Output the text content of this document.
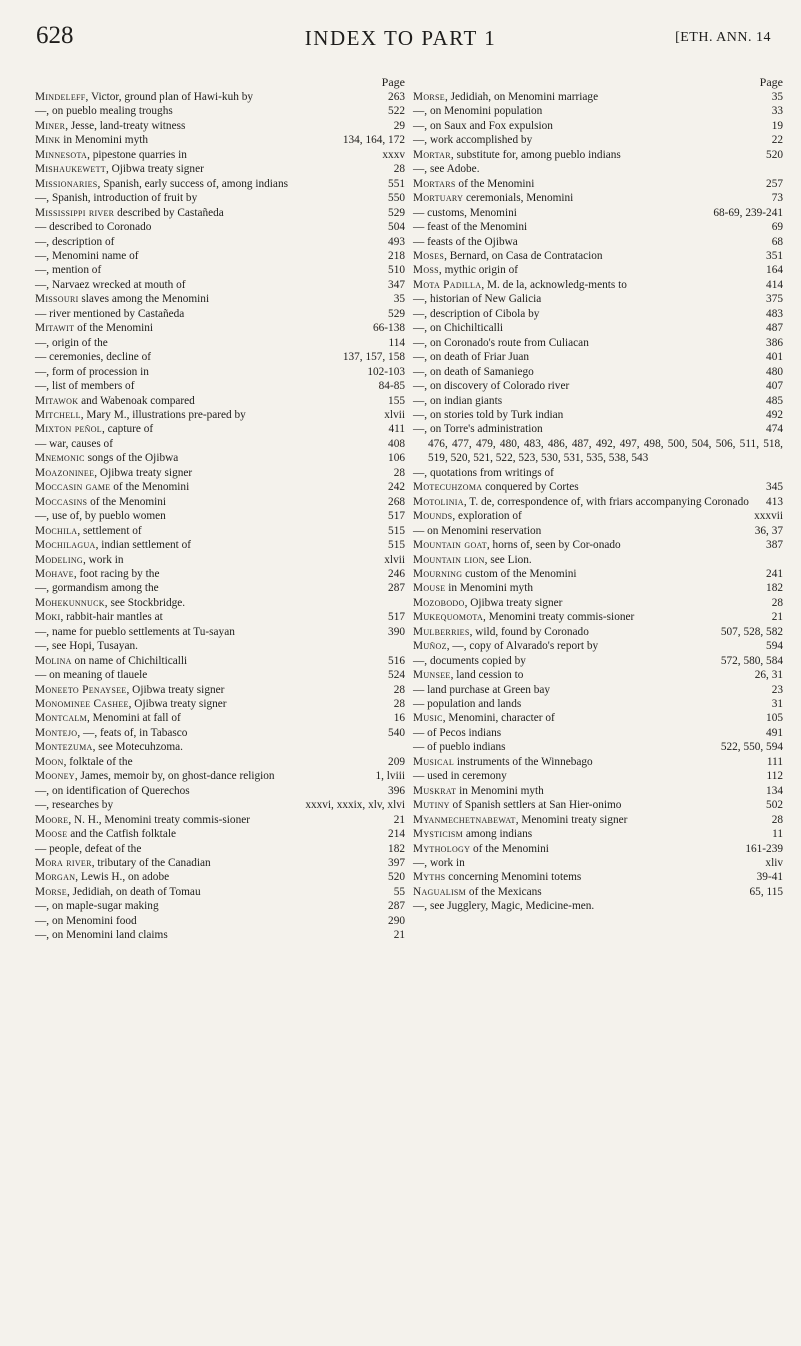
628	INDEX TO PART 1	[ETH. ANN. 14
Page
263
Mindeleff, Victor, ground plan of Hawi-kuh by
522
—, on pueblo mealing troughs
29
Miner, Jesse, land-treaty witness
134, 164, 172
Mink in Menomini myth
xxxv
Minnesota, pipestone quarries in
28
Mishaukewett, Ojibwa treaty signer
551
Missionaries, Spanish, early success of, among indians
550
—, Spanish, introduction of fruit by
529
Mississippi river described by Castañeda
504
— described to Coronado
493
—, description of
218
—, Menomini name of
510
—, mention of
347
—, Narvaez wrecked at mouth of
35
Missouri slaves among the Menomini
529
— river mentioned by Castañeda
66-138
Mitawit of the Menomini
114
—, origin of the
137, 157, 158
— ceremonies, decline of
102-103
—, form of procession in
84-85
—, list of members of
155
Mitawok and Wabenoak compared
xlvii
Mitchell, Mary M., illustrations pre-pared by
411
Mixton peñol, capture of
408
— war, causes of
106
Mnemonic songs of the Ojibwa
28
Moazoninee, Ojibwa treaty signer
242
Moccasin game of the Menomini
268
Moccasins of the Menomini
517
—, use of, by pueblo women
515
Mochila, settlement of
515
Mochilagua, indian settlement of
xlvii
Modeling, work in
246
Mohave, foot racing by the
287
—, gormandism among the
Mohekunnuck, see Stockbridge.
517
Moki, rabbit-hair mantles at
390
—, name for pueblo settlements at Tu-sayan
—, see Hopi, Tusayan.
516
Molina on name of Chichilticalli
524
— on meaning of tlauele
28
Moneeto Penaysee, Ojibwa treaty signer
28
Monominee Cashee, Ojibwa treaty signer
16
Montcalm, Menomini at fall of
540
Montejo, —, feats of, in Tabasco
Montezuma, see Motecuhzoma.
209
Moon, folktale of the
1, lviii
Mooney, James, memoir by, on ghost-dance religion
396
—, on identification of Querechos
xxxvi, xxxix, xlv, xlvi
—, researches by
21
Moore, N. H., Menomini treaty commis-sioner
214
Moose and the Catfish folktale
182
— people, defeat of the
397
Mora river, tributary of the Canadian
520
Morgan, Lewis H., on adobe
55
Morse, Jedidiah, on death of Tomau
287
—, on maple-sugar making
290
—, on Menomini food
21
—, on Menomini land claims
Page
35
Morse, Jedidiah, on Menomini marriage
33
—, on Menomini population
19
—, on Saux and Fox expulsion
22
—, work accomplished by
520
Mortar, substitute for, among pueblo indians
—, see Adobe.
257
Mortars of the Menomini
73
Mortuary ceremonials, Menomini
68-69, 239-241
— customs, Menomini
69
— feast of the Menomini
68
— feasts of the Ojibwa
351
Moses, Bernard, on Casa de Contratacion
164
Moss, mythic origin of
414
Mota Padilla, M. de la, acknowledg-ments to
375
—, historian of New Galicia
483
—, description of Cibola by
487
—, on Chichilticalli
386
—, on Coronado's route from Culiacan
401
—, on death of Friar Juan
480
—, on death of Samaniego
407
—, on discovery of Colorado river
485
—, on indian giants
492
—, on stories told by Turk indian
474
—, on Torre's administration
476, 477, 479, 480, 483, 486, 487, 492, 497, 498, 500, 504, 506, 511, 518, 519, 520, 521, 522, 523, 530, 531, 535, 538, 543
—, quotations from writings of
345
Motecuhzoma conquered by Cortes
413
Motolinia, T. de, correspondence of, with friars accompanying Coronado
xxxvii
Mounds, exploration of
36, 37
— on Menomini reservation
387
Mountain goat, horns of, seen by Cor-onado
Mountain lion, see Lion.
241
Mourning custom of the Menomini
182
Mouse in Menomini myth
28
Mozobodo, Ojibwa treaty signer
21
Mukequomota, Menomini treaty commis-sioner
507, 528, 582
Mulberries, wild, found by Coronado
594
Muñoz, —, copy of Alvarado's report by
572, 580, 584
—, documents copied by
26, 31
Munsee, land cession to
23
— land purchase at Green bay
31
— population and lands
105
Music, Menomini, character of
491
— of Pecos indians
522, 550, 594
— of pueblo indians
111
Musical instruments of the Winnebago
112
— used in ceremony
134
Muskrat in Menomini myth
502
Mutiny of Spanish settlers at San Hier-onimo
28
Myanmechetnabewat, Menomini treaty signer
11
Mysticism among indians
161-239
Mythology of the Menomini
xliv
—, work in
39-41
Myths concerning Menomini totems
65, 115
Nagualism of the Mexicans
—, see Jugglery, Magic, Medicine-men.
